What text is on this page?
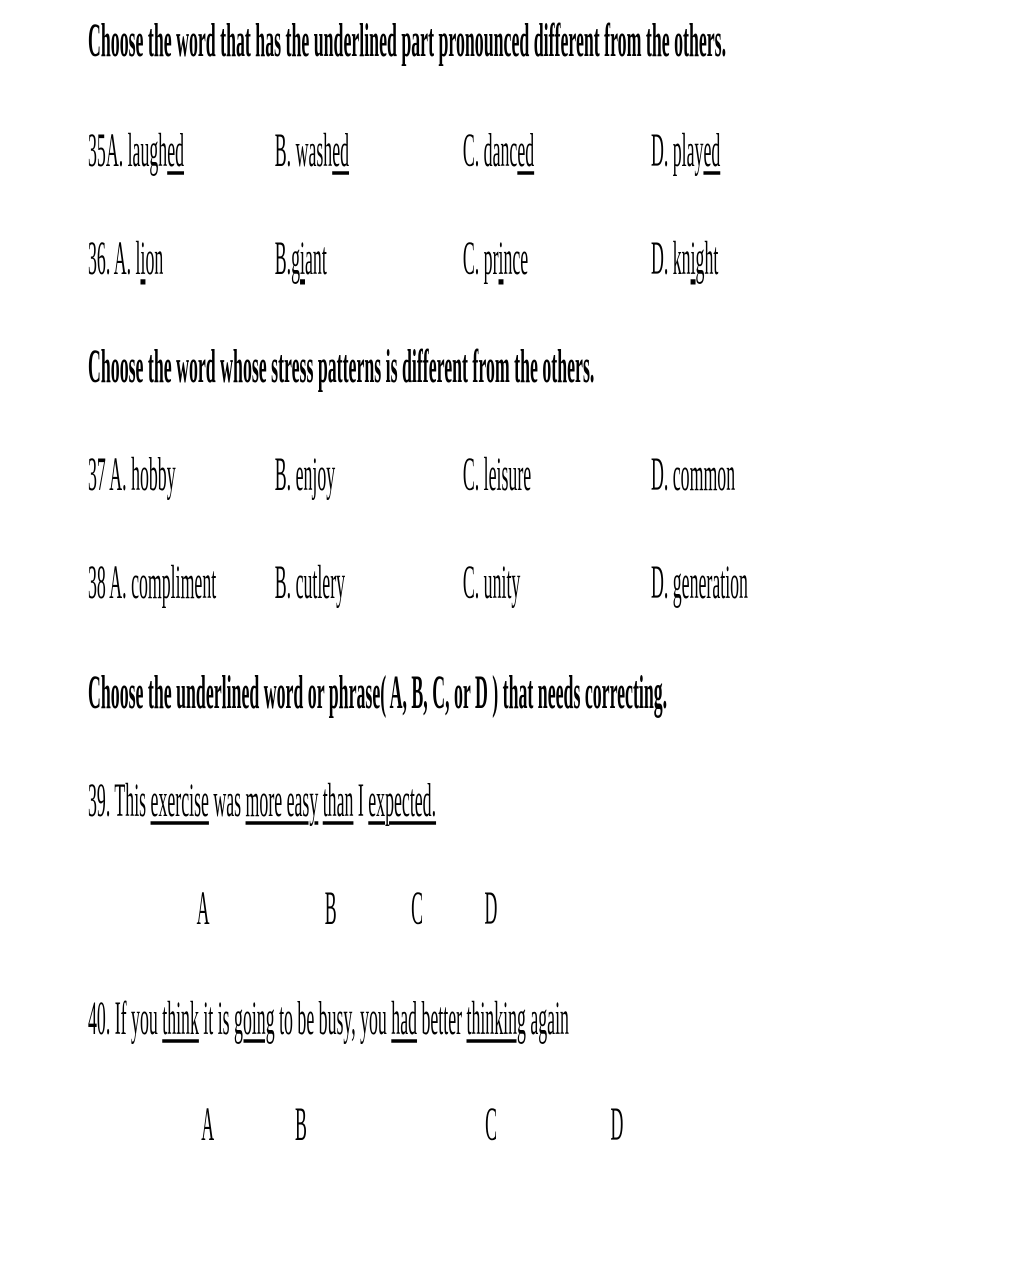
Choose the word that has the underlined part pronounced different from the others.
35A. laughed	B. washed	C. danced	D. played
36. A. lion	B.giant	C. prince	D. knight
Choose the word whose stress patterns is different from the others.
37 A. hobby	B. enjoy	C. leisure	D. common
38 A. compliment B. cutlery	C. unity	D. generation
Choose the underlined word or phrase( A, B, C, or D ) that needs correcting.
39. This exercise was more easy than I expected.
A	B	C D
40. If you think it is going to be busy, you had better thinking again
A	B	C	D
